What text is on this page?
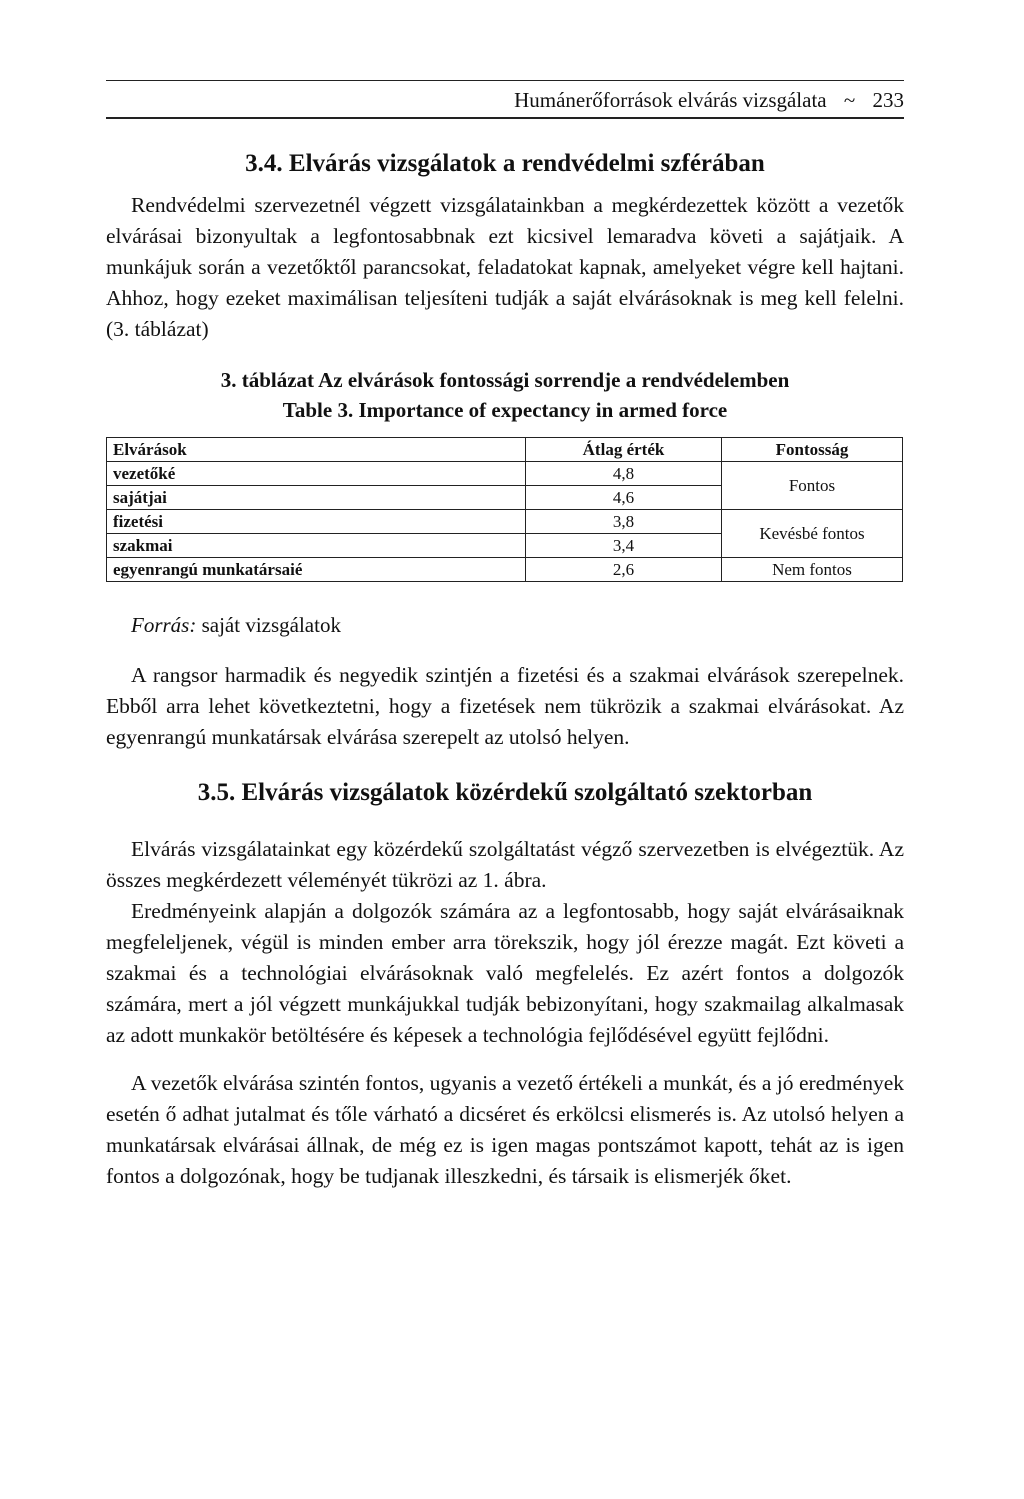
Humánerőforrások elvárás vizsgálata ~ 233
3.4. Elvárás vizsgálatok a rendvédelmi szférában

Rendvédelmi szervezetnél végzett vizsgálatainkban a megkérdezettek között a vezetők elvárásai bizonyultak a legfontosabbnak ezt kicsivel lemaradva követi a sajátjaik. A munkájuk során a vezetőktől parancsokat, feladatokat kapnak, amelyeket végre kell hajtani. Ahhoz, hogy ezeket maximálisan teljesíteni tudják a saját elvárásoknak is meg kell felelni. (3. táblázat)

3. táblázat Az elvárások fontossági sorrendje a rendvédelemben

Table 3. Importance of expectancy in armed force

Elvárások	Átlag érték	Fontosság
vezetőké	4,8	Fontos
sajátjai	4,6	
fizetési	3,8	Kevésbé fontos
szakmai	3,4	
egyenrangú munkatársaié	2,6	Nem fontos

Forrás: saját vizsgálatok

A rangsor harmadik és negyedik szintjén a fizetési és a szakmai elvárások szerepelnek. Ebből arra lehet következtetni, hogy a fizetések nem tükrözik a szakmai elvárásokat. Az egyenrangú munkatársak elvárása szerepelt az utolsó helyen.

3.5. Elvárás vizsgálatok közérdekű szolgáltató szektorban

Elvárás vizsgálatainkat egy közérdekű szolgáltatást végző szervezetben is elvégeztük. Az összes megkérdezett véleményét tükrözi az 1. ábra.

Eredményeink alapján a dolgozók számára az a legfontosabb, hogy saját elvárásaiknak megfeleljenek, végül is minden ember arra törekszik, hogy jól érezze magát. Ezt követi a szakmai és a technológiai elvárásoknak való megfelelés. Ez azért fontos a dolgozók számára, mert a jól végzett munkájukkal tudják bebizonyítani, hogy szakmailag alkalmasak az adott munkakör betöltésére és képesek a technológia fejlődésével együtt fejlődni.

A vezetők elvárása szintén fontos, ugyanis a vezető értékeli a munkát, és a jó eredmények esetén ő adhat jutalmat és tőle várható a dicséret és erkölcsi elismerés is. Az utolsó helyen a munkatársak elvárásai állnak, de még ez is igen magas pontszámot kapott, tehát az is igen fontos a dolgozónak, hogy be tudjanak illeszkedni, és társaik is elismerjék őket.
